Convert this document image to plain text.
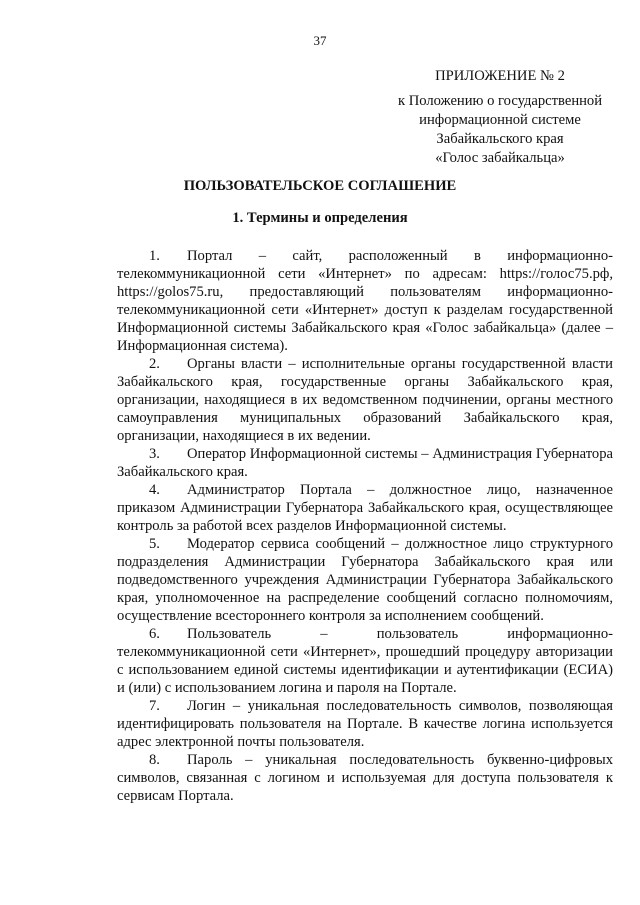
37
ПРИЛОЖЕНИЕ № 2
к Положению о государственной
информационной системе
Забайкальского края
«Голос забайкальца»
ПОЛЬЗОВАТЕЛЬСКОЕ СОГЛАШЕНИЕ
1. Термины и определения

1. Портал – сайт, расположенный в информационно-телекоммуникационной сети «Интернет» по адресам: https://голос75.рф, https://golos75.ru, предоставляющий пользователям информационно-телекоммуникационной сети «Интернет» доступ к разделам государственной Информационной системы Забайкальского края «Голос забайкальца» (далее – Информационная система).

2. Органы власти – исполнительные органы государственной власти Забайкальского края, государственные органы Забайкальского края, организации, находящиеся в их ведомственном подчинении, органы местного самоуправления муниципальных образований Забайкальского края, организации, находящиеся в их ведении.

3. Оператор Информационной системы – Администрация Губернатора Забайкальского края.

4. Администратор Портала – должностное лицо, назначенное приказом Администрации Губернатора Забайкальского края, осуществляющее контроль за работой всех разделов Информационной системы.

5. Модератор сервиса сообщений – должностное лицо структурного подразделения Администрации Губернатора Забайкальского края или подведомственного учреждения Администрации Губернатора Забайкальского края, уполномоченное на распределение сообщений согласно полномочиям, осуществление всестороннего контроля за исполнением сообщений.

6. Пользователь – пользователь информационно-телекоммуникационной сети «Интернет», прошедший процедуру авторизации с использованием единой системы идентификации и аутентификации (ЕСИА) и (или) с использованием логина и пароля на Портале.

7. Логин – уникальная последовательность символов, позволяющая идентифицировать пользователя на Портале. В качестве логина используется адрес электронной почты пользователя.

8. Пароль – уникальная последовательность буквенно-цифровых символов, связанная с логином и используемая для доступа пользователя к сервисам Портала.
